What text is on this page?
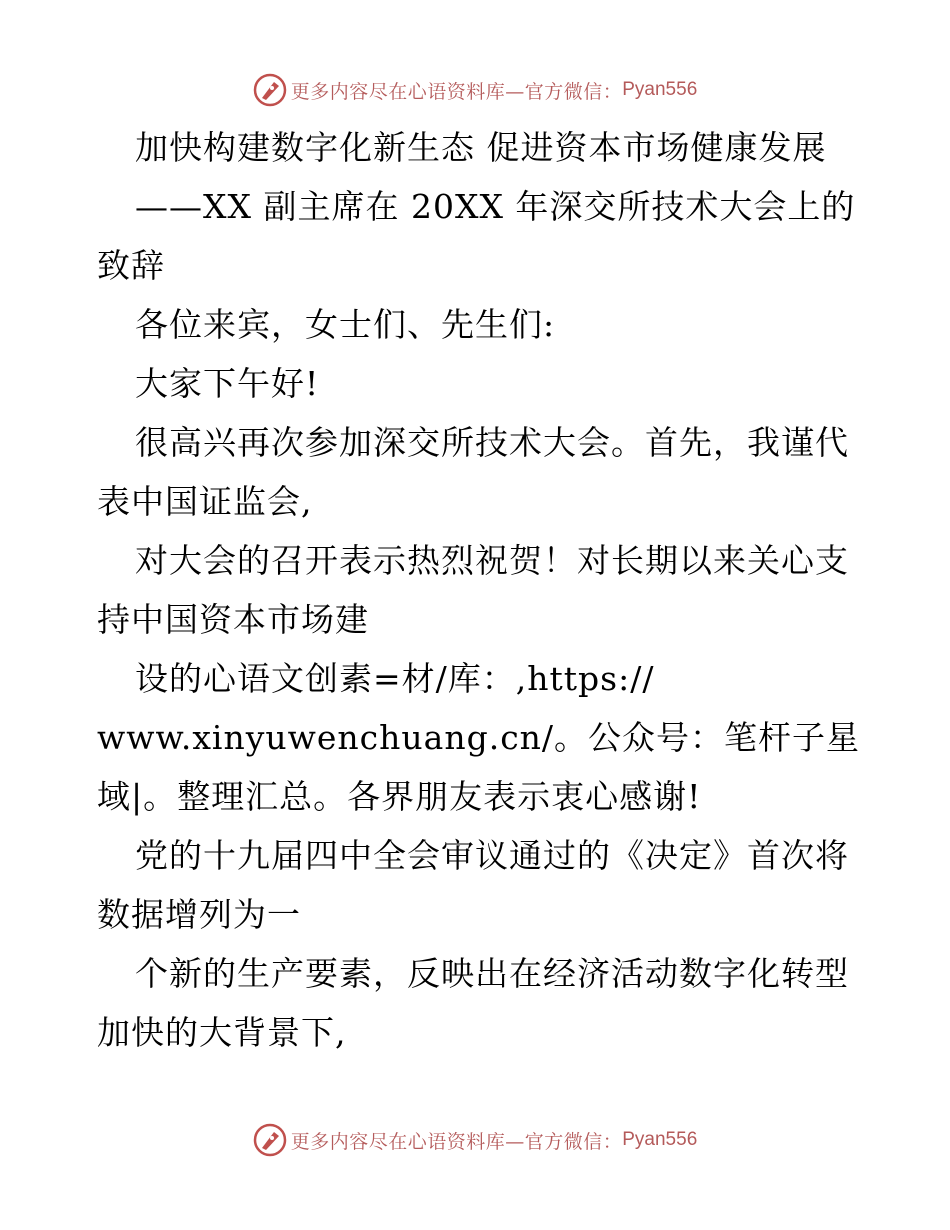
更多内容尽在心语资料库—官方微信： Pyan556
加快构建数字化新生态 促进资本市场健康发展
——XX 副主席在 20XX 年深交所技术大会上的
致辞
各位来宾，女士们、先生们:
大家下午好!
很高兴再次参加深交所技术大会。首先，我谨代
表中国证监会,
对大会的召开表示热烈祝贺！对长期以来关心支
持中国资本市场建
设的心语文创素=材/库：,https://
www.xinyuwenchuang.cn/。公众号：笔杆子星
域|。整理汇总。各界朋友表示衷心感谢!
党的十九届四中全会审议通过的《决定》首次将
数据增列为一
个新的生产要素，反映出在经济活动数字化转型
加快的大背景下,
更多内容尽在心语资料库—官方微信： Pyan556
